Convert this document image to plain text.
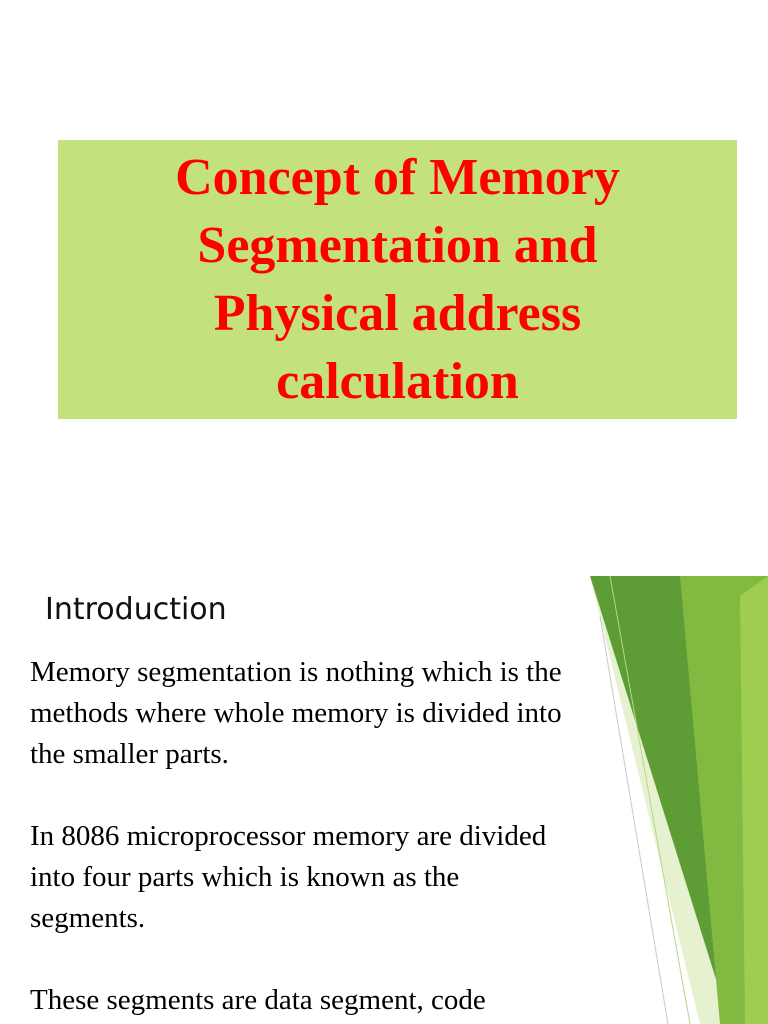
Concept of Memory
Segmentation and
Physical address
calculation

Introduction

Memory segmentation is nothing which is the
methods where whole memory is divided into
the smaller parts.

In 8086 microprocessor memory are divided
into four parts which is known as the
segments.

These segments are data segment, code
